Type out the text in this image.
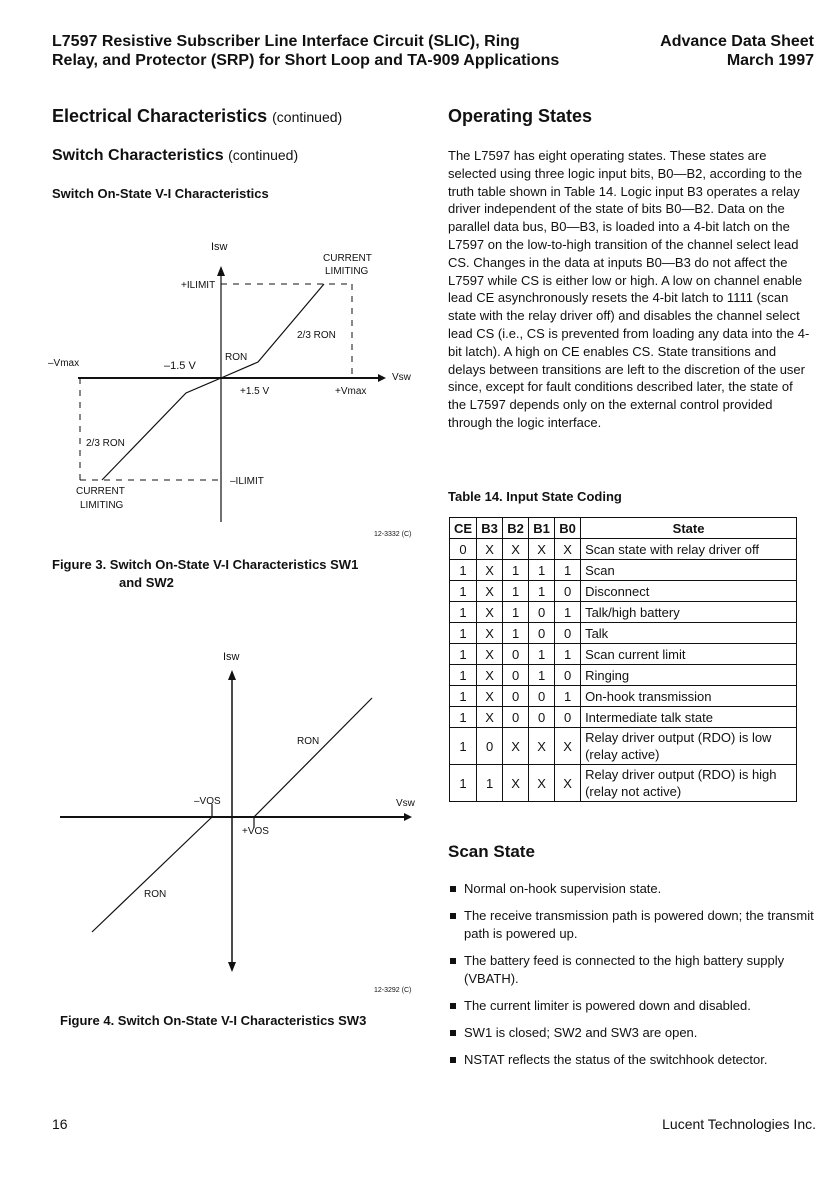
L7597 Resistive Subscriber Line Interface Circuit (SLIC), Ring
Relay, and Protector (SRP) for Short Loop and TA-909 Applications
Advance Data Sheet
March 1997
Electrical Characteristics (continued)
Switch Characteristics (continued)
Switch On-State V-I Characteristics
Isw
+ILIMIT
CURRENT
LIMITING
2/3 RON
RON
–Vmax	–1.5 V
+1.5 V	+Vmax
Vsw
2/3 RON
–ILIMIT
CURRENT
LIMITING
12-3332 (C)
Figure 3. Switch On-State V-I Characteristics SW1
and SW2
Isw
RON
–VOS	Vsw
+VOS
RON
12-3292 (C)
Figure 4. Switch On-State V-I Characteristics SW3
Operating States
The L7597 has eight operating states. These states are selected using three logic input bits, B0—B2, according to the truth table shown in Table 14. Logic input B3 operates a relay driver independent of the state of bits B0—B2. Data on the parallel data bus, B0—B3, is loaded into a 4-bit latch on the L7597 on the low-to-high transition of the channel select lead CS. Changes in the data at inputs B0—B3 do not affect the L7597 while CS is either low or high. A low on channel enable lead CE asynchronously resets the 4-bit latch to 1111 (scan state with the relay driver off) and disables the channel select lead CS (i.e., CS is prevented from loading any data into the 4-bit latch). A high on CE enables CS. State transitions and delays between transitions are left to the discretion of the user since, except for fault conditions described later, the state of the L7597 depends only on the external control provided through the logic interface.
Table 14. Input State Coding
CE	B3	B2	B1	B0	State
0	X	X	X	X	Scan state with relay driver off
1	X	1	1	1	Scan
1	X	1	1	0	Disconnect
1	X	1	0	1	Talk/high battery
1	X	1	0	0	Talk
1	X	0	1	1	Scan current limit
1	X	0	1	0	Ringing
1	X	0	0	1	On-hook transmission
1	X	0	0	0	Intermediate talk state
1	0	X	X	X	Relay driver output (RDO) is low (relay active)
1	1	X	X	X	Relay driver output (RDO) is high (relay not active)
Scan State
Normal on-hook supervision state.
The receive transmission path is powered down; the transmit path is powered up.
The battery feed is connected to the high battery supply (VBATH).
The current limiter is powered down and disabled.
SW1 is closed; SW2 and SW3 are open.
NSTAT reflects the status of the switchhook detector.
16	Lucent Technologies Inc.
